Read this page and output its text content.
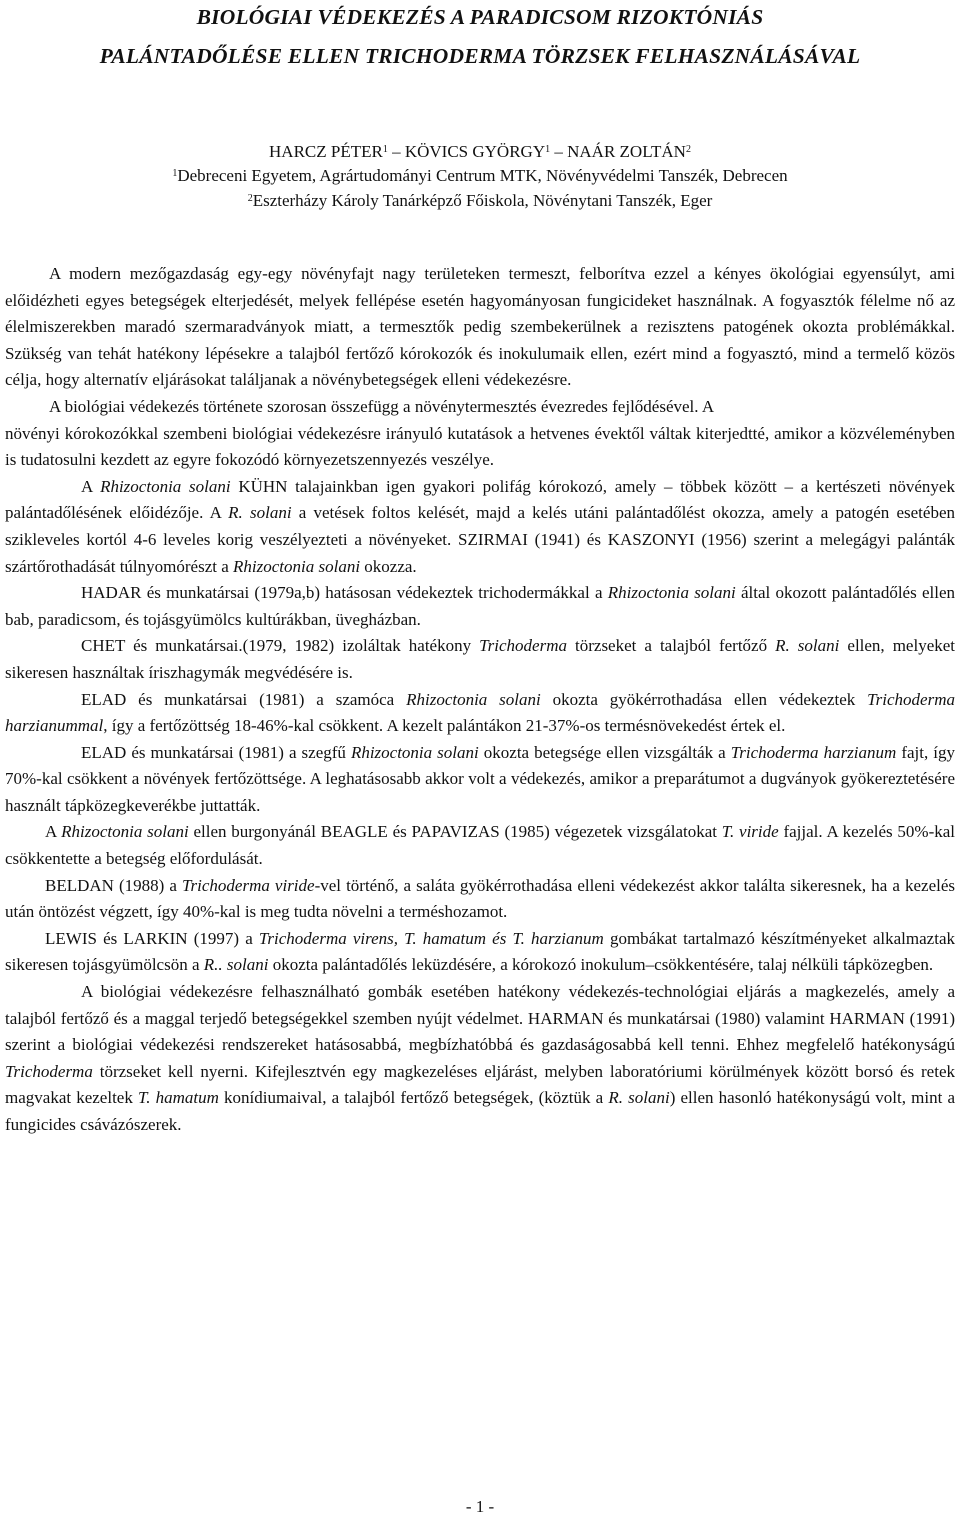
BIOLÓGIAI VÉDEKEZÉS A PARADICSOM RIZOKTÓNIÁS
PALÁNTADŐLÉSE ELLEN TRICHODERMA TÖRZSEK FELHASZNÁLÁSÁVAL
HARCZ PÉTER$^1$ – KÖVICS GYÖRGY$^1$ – NAÁR ZOLTÁN$^2$
$^1$Debreceni Egyetem, Agrártudományi Centrum MTK, Növényvédelmi Tanszék, Debrecen
$^2$Eszterházy Károly Tanárképző Főiskola, Növénytani Tanszék, Eger

A modern mezőgazdaság egy-egy növényfajt nagy területeken termeszt, felborítva ezzel a kényes ökológiai egyensúlyt, ami előidézheti egyes betegségek elterjedését, melyek fellépése esetén hagyományosan fungicideket használnak. A fogyasztók félelme nő az élelmiszerekben maradó szermaradványok miatt, a termesztők pedig szembekerülnek a rezisztens patogének okozta problémákkal. Szükség van tehát hatékony lépésekre a talajból fertőző kórokozók és inokulumaik ellen, ezért mind a fogyasztó, mind a termelő közös célja, hogy alternatív eljárásokat találjanak a növénybetegségek elleni védekezésre.

A biológiai védekezés története szorosan összefügg a növénytermesztés évezredes fejlődésével. A

növényi kórokozókkal szembeni biológiai védekezésre irányuló kutatások a hetvenes évektől váltak kiterjedtté, amikor a közvéleményben is tudatosulni kezdett az egyre fokozódó környezetszennyezés veszélye.

A Rhizoctonia solani KÜHN talajainkban igen gyakori polifág kórokozó, amely – többek között – a kertészeti növények palántadőlésének előidézője. A R. solani a vetések foltos kelését, majd a kelés utáni palántadőlést okozza, amely a patogén esetében szikleveles kortól 4-6 leveles korig veszélyezteti a növényeket. SZIRMAI (1941) és KASZONYI (1956) szerint a melegágyi palánták szártőrothadását túlnyomórészt a Rhizoctonia solani okozza.

HADAR és munkatársai (1979a,b) hatásosan védekeztek trichodermákkal a Rhizoctonia solani által okozott palántadőlés ellen bab, paradicsom, és tojásgyümölcs kultúrákban, üvegházban.

CHET és munkatársai.(1979, 1982) izoláltak hatékony Trichoderma törzseket a talajból fertőző R. solani ellen, melyeket sikeresen használtak íriszhagymák megvédésére is.

ELAD és munkatársai (1981) a szamóca Rhizoctonia solani okozta gyökérrothadása ellen védekeztek Trichoderma harzianummal, így a fertőzöttség 18-46%-kal csökkent. A kezelt palántákon 21-37%-os termésnövekedést értek el.

ELAD és munkatársai (1981) a szegfű Rhizoctonia solani okozta betegsége ellen vizsgálták a Trichoderma harzianum fajt, így 70%-kal csökkent a növények fertőzöttsége. A leghatásosabb akkor volt a védekezés, amikor a preparátumot a dugványok gyökereztetésére használt tápközegkeverékbe juttatták.

A Rhizoctonia solani ellen burgonyánál BEAGLE és PAPAVIZAS (1985) végezetek vizsgálatokat T. viride fajjal. A kezelés 50%-kal csökkentette a betegség előfordulását.

BELDAN (1988) a Trichoderma viride-vel történő, a saláta gyökérrothadása elleni védekezést akkor találta sikeresnek, ha a kezelés után öntözést végzett, így 40%-kal is meg tudta növelni a terméshozamot.

LEWIS és LARKIN (1997) a Trichoderma virens, T. hamatum és T. harzianum gombákat tartalmazó készítményeket alkalmaztak sikeresen tojásgyümölcsön a R.. solani okozta palántadőlés leküzdésére, a kórokozó inokulum–csökkentésére, talaj nélküli tápközegben.

A biológiai védekezésre felhasználható gombák esetében hatékony védekezés-technológiai eljárás a magkezelés, amely a talajból fertőző és a maggal terjedő betegségekkel szemben nyújt védelmet. HARMAN és munkatársai (1980) valamint HARMAN (1991) szerint a biológiai védekezési rendszereket hatásosabbá, megbízhatóbbá és gazdaságosabbá kell tenni. Ehhez megfelelő hatékonyságú Trichoderma törzseket kell nyerni. Kifejlesztvén egy magkezeléses eljárást, melyben laboratóriumi körülmények között borsó és retek magvakat kezeltek T. hamatum konídiumaival, a talajból fertőző betegségek, (köztük a R. solani) ellen hasonló hatékonyságú volt, mint a fungicides csávázószerek.

- 1 -
